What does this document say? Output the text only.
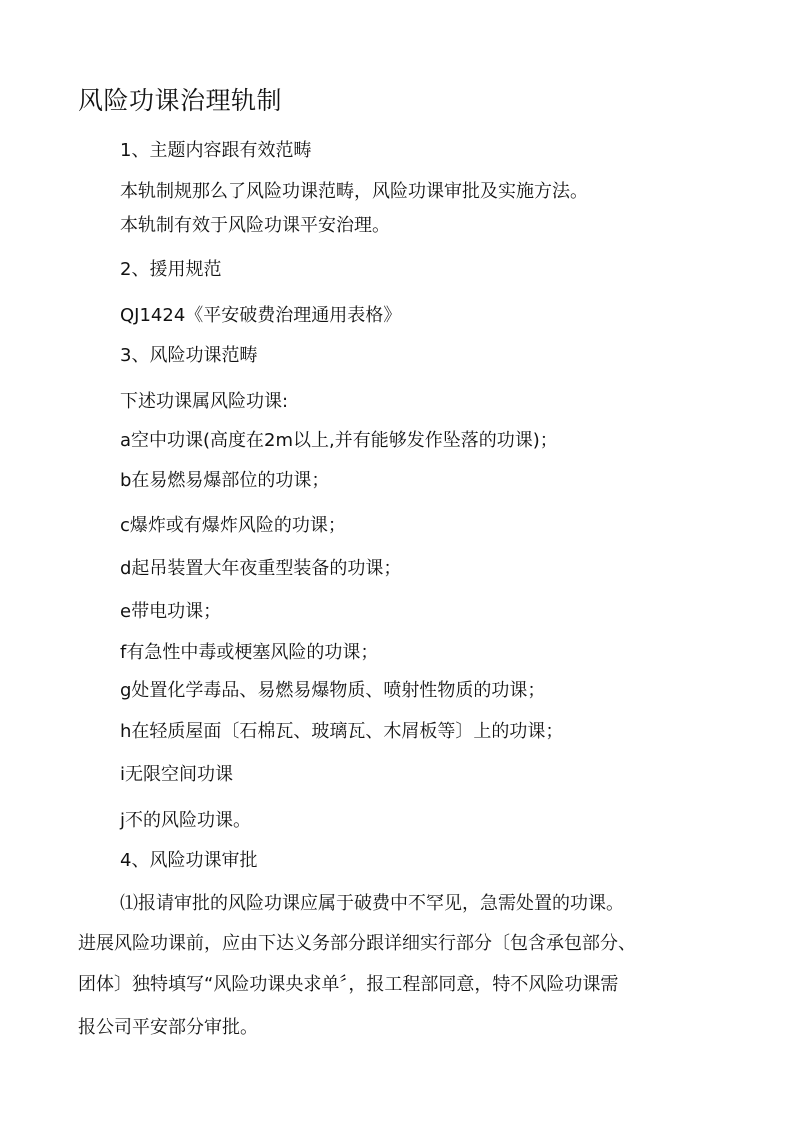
风险功课治理轨制
1、主题内容跟有效范畴
本轨制规那么了风险功课范畴，风险功课审批及实施方法。
本轨制有效于风险功课平安治理。
2、援用规范
QJ1424《平安破费治理通用表格》
3、风险功课范畴
下述功课属风险功课:
a空中功课(高度在2m以上,并有能够发作坠落的功课)；
b在易燃易爆部位的功课；
c爆炸或有爆炸风险的功课；
d起吊装置大年夜重型装备的功课；
e带电功课；
f有急性中毒或梗塞风险的功课；
g处置化学毒品、易燃易爆物质、喷射性物质的功课；
h在轻质屋面〔石棉瓦、玻璃瓦、木屑板等〕上的功课；
i无限空间功课
j不的风险功课。
4、风险功课审批
⑴报请审批的风险功课应属于破费中不罕见，急需处置的功课。
进展风险功课前，应由下达义务部分跟详细实行部分〔包含承包部分、
团体〕独特填写“风险功课央求单〞，报工程部同意，特不风险功课需
报公司平安部分审批。
